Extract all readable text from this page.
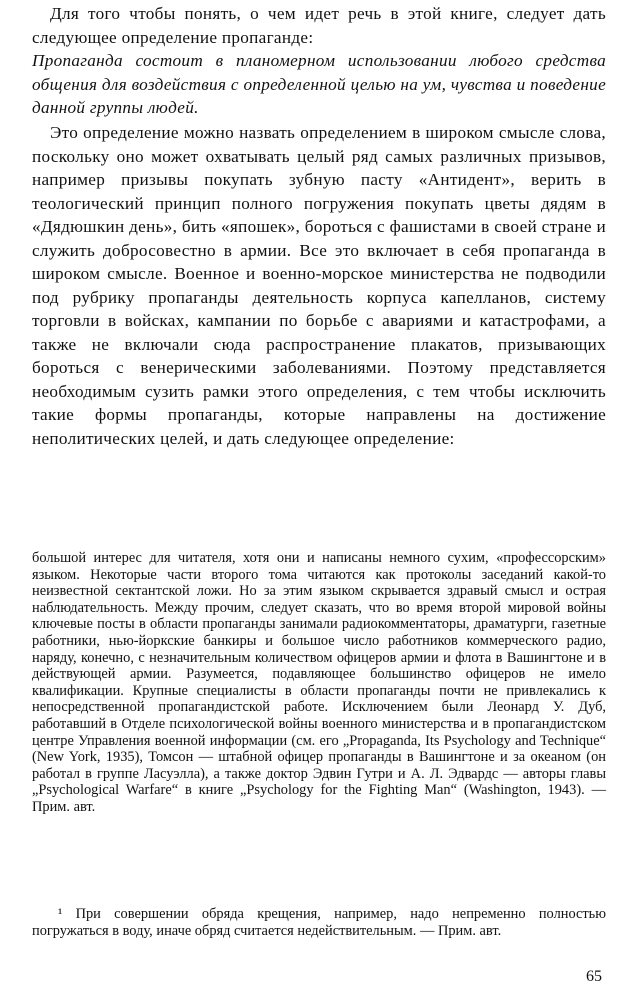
Для того чтобы понять, о чем идет речь в этой книге, следует дать следующее определение пропаганде:

Пропаганда состоит в планомерном использовании любого средства общения для воздействия с определенной целью на ум, чувства и поведение данной группы людей.

Это определение можно назвать определением в широком смысле слова, поскольку оно может охватывать целый ряд самых различных призывов, например призывы покупать зубную пасту «Антидент», верить в теологический принцип полного погружения покупать цветы дядям в «Дядюшкин день», бить «япошек», бороться с фашистами в своей стране и служить добросовестно в армии. Все это включает в себя пропаганда в широком смысле. Военное и военно-морское министерства не подводили под рубрику пропаганды деятельность корпуса капелланов, систему торговли в войсках, кампании по борьбе с авариями и катастрофами, а также не включали сюда распространение плакатов, призывающих бороться с венерическими заболеваниями. Поэтому представляется необходимым сузить рамки этого определения, с тем чтобы исключить такие формы пропаганды, которые направлены на достижение неполитических целей, и дать следующее определение:

большой интерес для читателя, хотя они и написаны немного сухим, «профессорским» языком. Некоторые части второго тома читаются как протоколы заседаний какой-то неизвестной сектантской ложи. Но за этим языком скрывается здравый смысл и острая наблюдательность. Между прочим, следует сказать, что во время второй мировой войны ключевые посты в области пропаганды занимали радиокомментаторы, драматурги, газетные работники, нью-йоркские банкиры и большое число работников коммерческого радио, наряду, конечно, с незначительным количеством офицеров армии и флота в Вашингтоне и в действующей армии. Разумеется, подавляющее большинство офицеров не имело квалификации. Крупные специалисты в области пропаганды почти не привлекались к непосредственной пропагандистской работе. Исключением были Леонард У. Дуб, работавший в Отделе психологической войны военного министерства и в пропагандистском центре Управления военной информации (см. его „Propaganda, Its Psychology and Technique“ (New York, 1935), Томсон — штабной офицер пропаганды в Вашингтоне и за океаном (он работал в группе Ласуэлла), а также доктор Эдвин Гутри и А. Л. Эдвардс — авторы главы „Psychological Warfare“ в книге „Psychology for the Fighting Man“ (Washington, 1943). — Прим. авт.

¹ При совершении обряда крещения, например, надо непременно полностью погружаться в воду, иначе обряд считается недействительным. — Прим. авт.

65
